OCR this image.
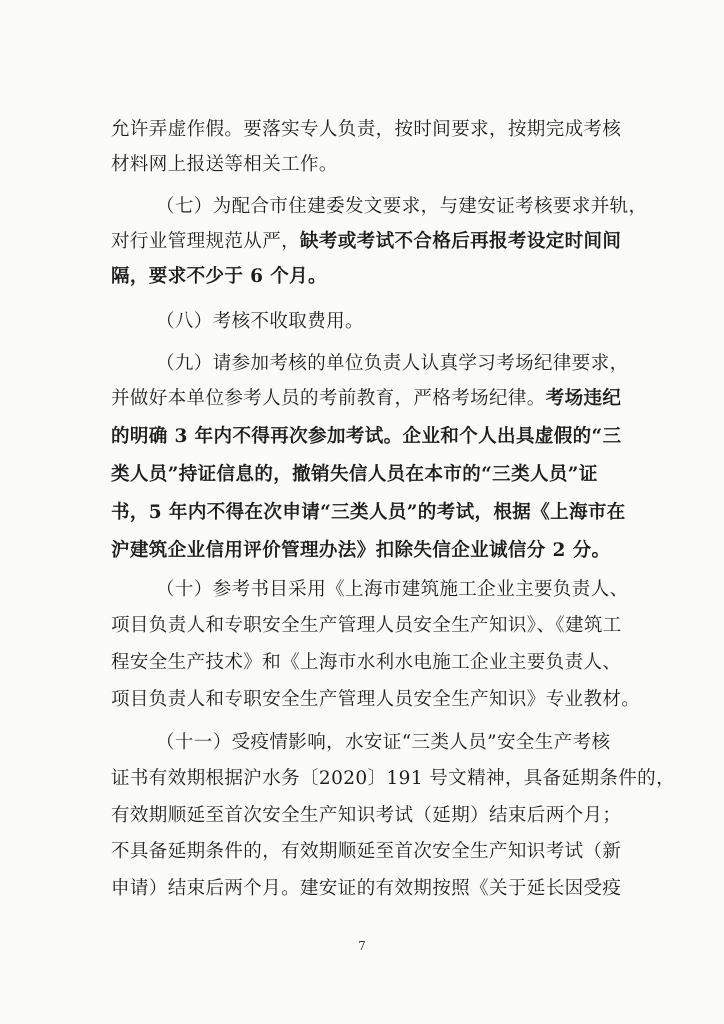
允许弄虚作假。要落实专人负责，按时间要求，按期完成考核
材料网上报送等相关工作。
（七）为配合市住建委发文要求，与建安证考核要求并轨，
对行业管理规范从严，缺考或考试不合格后再报考设定时间间
隔，要求不少于 6 个月。
（八）考核不收取费用。
（九）请参加考核的单位负责人认真学习考场纪律要求，
并做好本单位参考人员的考前教育，严格考场纪律。考场违纪
的明确 3 年内不得再次参加考试。企业和个人出具虚假的“三
类人员”持证信息的，撤销失信人员在本市的“三类人员”证
书，5 年内不得在次申请“三类人员”的考试，根据《上海市在
沪建筑企业信用评价管理办法》扣除失信企业诚信分 2 分。
（十）参考书目采用《上海市建筑施工企业主要负责人、
项目负责人和专职安全生产管理人员安全生产知识》、《建筑工
程安全生产技术》和《上海市水利水电施工企业主要负责人、
项目负责人和专职安全生产管理人员安全生产知识》专业教材。
（十一）受疫情影响，水安证“三类人员”安全生产考核
证书有效期根据沪水务〔2020〕191 号文精神，具备延期条件的，
有效期顺延至首次安全生产知识考试（延期）结束后两个月；
不具备延期条件的，有效期顺延至首次安全生产知识考试（新
申请）结束后两个月。建安证的有效期按照《关于延长因受疫
7
